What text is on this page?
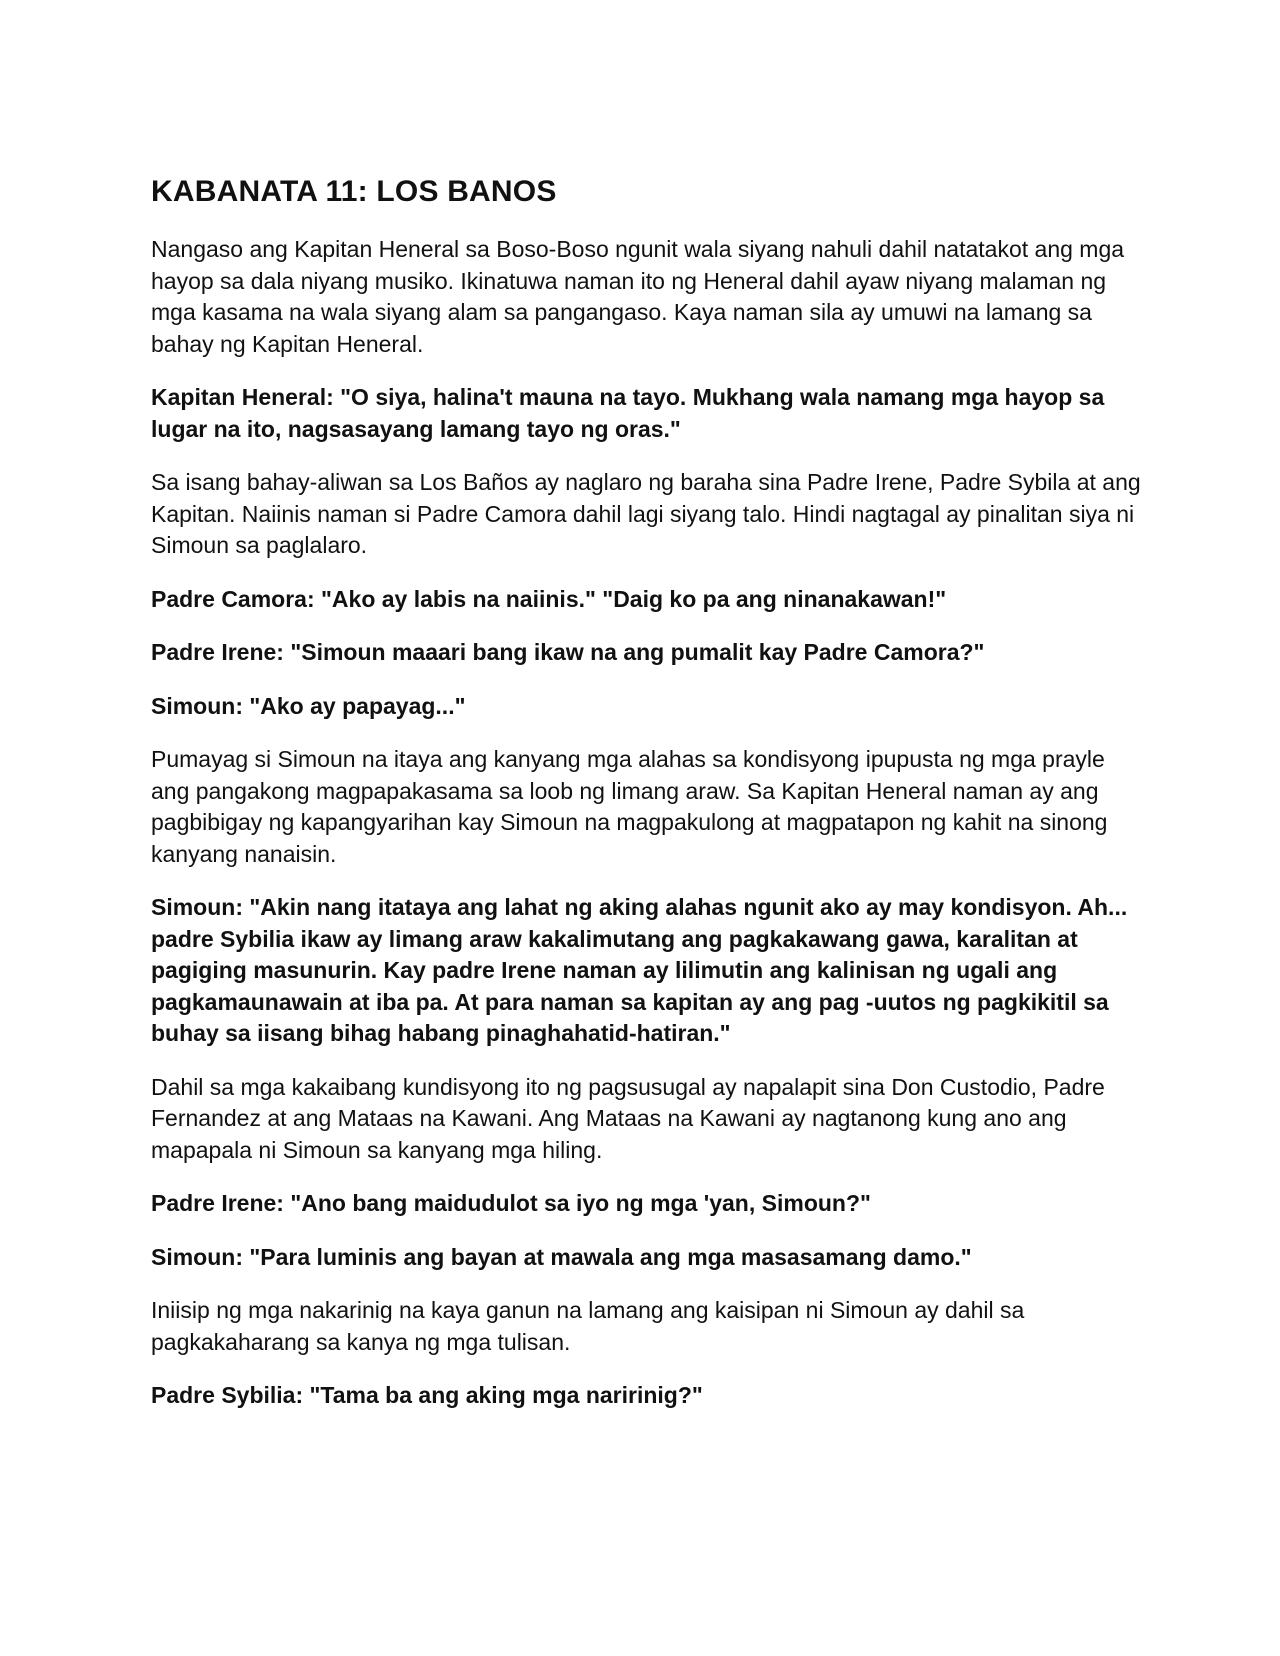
KABANATA 11: LOS BANOS

Nangaso ang Kapitan Heneral sa Boso-Boso ngunit wala siyang nahuli dahil natatakot ang mga hayop sa dala niyang musiko. Ikinatuwa naman ito ng Heneral dahil ayaw niyang malaman ng mga kasama na wala siyang alam sa pangangaso. Kaya naman sila ay umuwi na lamang sa bahay ng Kapitan Heneral.

Kapitan Heneral: "O siya, halina't mauna na tayo. Mukhang wala namang mga hayop sa lugar na ito, nagsasayang lamang tayo ng oras."

Sa isang bahay-aliwan sa Los Baños ay naglaro ng baraha sina Padre Irene, Padre Sybila at ang Kapitan. Naiinis naman si Padre Camora dahil lagi siyang talo. Hindi nagtagal ay pinalitan siya ni Simoun sa paglalaro.

Padre Camora: "Ako ay labis na naiinis." "Daig ko pa ang ninanakawan!"

Padre Irene: "Simoun maaari bang ikaw na ang pumalit kay Padre Camora?"

Simoun: "Ako ay papayag..."

Pumayag si Simoun na itaya ang kanyang mga alahas sa kondisyong ipupusta ng mga prayle ang pangakong magpapakasama sa loob ng limang araw. Sa Kapitan Heneral naman ay ang pagbibigay ng kapangyarihan kay Simoun na magpakulong at magpatapon ng kahit na sinong kanyang nanaisin.

Simoun: "Akin nang itataya ang lahat ng aking alahas ngunit ako ay may kondisyon. Ah... padre Sybilia ikaw ay limang araw kakalimutang ang pagkakawang gawa, karalitan at pagiging masunurin. Kay padre Irene naman ay lilimutin ang kalinisan ng ugali ang pagkamaunawain at iba pa. At para naman sa kapitan ay ang pag -uutos ng pagkikitil sa buhay sa iisang bihag habang pinaghahatid-hatiran."

Dahil sa mga kakaibang kundisyong ito ng pagsusugal ay napalapit sina Don Custodio, Padre Fernandez at ang Mataas na Kawani. Ang Mataas na Kawani ay nagtanong kung ano ang mapapala ni Simoun sa kanyang mga hiling.

Padre Irene: "Ano bang maidudulot sa iyo ng mga 'yan, Simoun?"

Simoun: "Para luminis ang bayan at mawala ang mga masasamang damo."

Iniisip ng mga nakarinig na kaya ganun na lamang ang kaisipan ni Simoun ay dahil sa pagkakaharang sa kanya ng mga tulisan.

Padre Sybilia: "Tama ba ang aking mga naririnig?"
